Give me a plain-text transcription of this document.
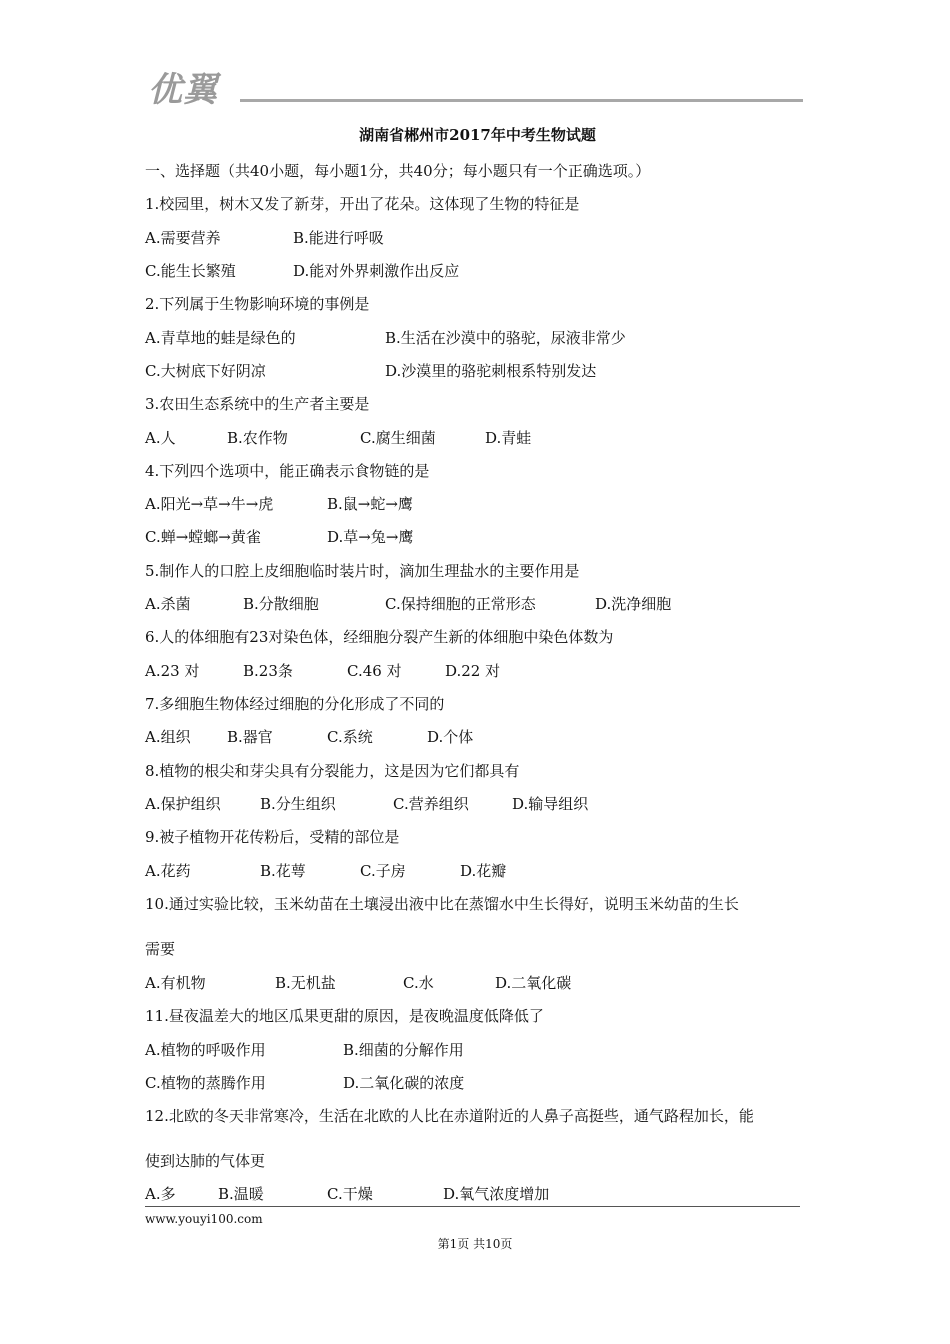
优翼
湖南省郴州市2017年中考生物试题
一、选择题（共40小题，每小题1分，共40分；每小题只有一个正确选项。）
1.校园里，树木又发了新芽，开出了花朵。这体现了生物的特征是
A.需要营养	B.能进行呼吸
C.能生长繁殖	D.能对外界刺激作出反应
2.下列属于生物影响环境的事例是
A.青草地的蛙是绿色的	B.生活在沙漠中的骆驼，尿液非常少
C.大树底下好阴凉	D.沙漠里的骆驼刺根系特别发达
3.农田生态系统中的生产者主要是
A.人	B.农作物	C.腐生细菌	D.青蛙
4.下列四个选项中，能正确表示食物链的是
A.阳光→草→牛→虎	B.鼠→蛇→鹰
C.蝉→螳螂→黄雀	D.草→兔→鹰
5.制作人的口腔上皮细胞临时装片时，滴加生理盐水的主要作用是
A.杀菌	B.分散细胞	C.保持细胞的正常形态	D.洗净细胞
6.人的体细胞有23对染色体，经细胞分裂产生新的体细胞中染色体数为
A.23 对	B.23条	C.46 对	D.22 对
7.多细胞生物体经过细胞的分化形成了不同的
A.组织 B.器官	C.系统	D.个体
8.植物的根尖和芽尖具有分裂能力，这是因为它们都具有
A.保护组织	B.分生组织	C.营养组织	D.输导组织
9.被子植物开花传粉后，受精的部位是
A.花药	B.花萼	C.子房	D.花瓣
10.通过实验比较，玉米幼苗在土壤浸出液中比在蒸馏水中生长得好，说明玉米幼苗的生长
需要
A.有机物	B.无机盐	C.水	D.二氧化碳
11.昼夜温差大的地区瓜果更甜的原因，是夜晚温度低降低了
A.植物的呼吸作用	B.细菌的分解作用
C.植物的蒸腾作用	D.二氧化碳的浓度
12.北欧的冬天非常寒冷，生活在北欧的人比在赤道附近的人鼻子高挺些，通气路程加长，能
使到达肺的气体更
A.多	B.温暖	C.干燥	D.氧气浓度增加
www.youyi100.com
第1页 共10页
